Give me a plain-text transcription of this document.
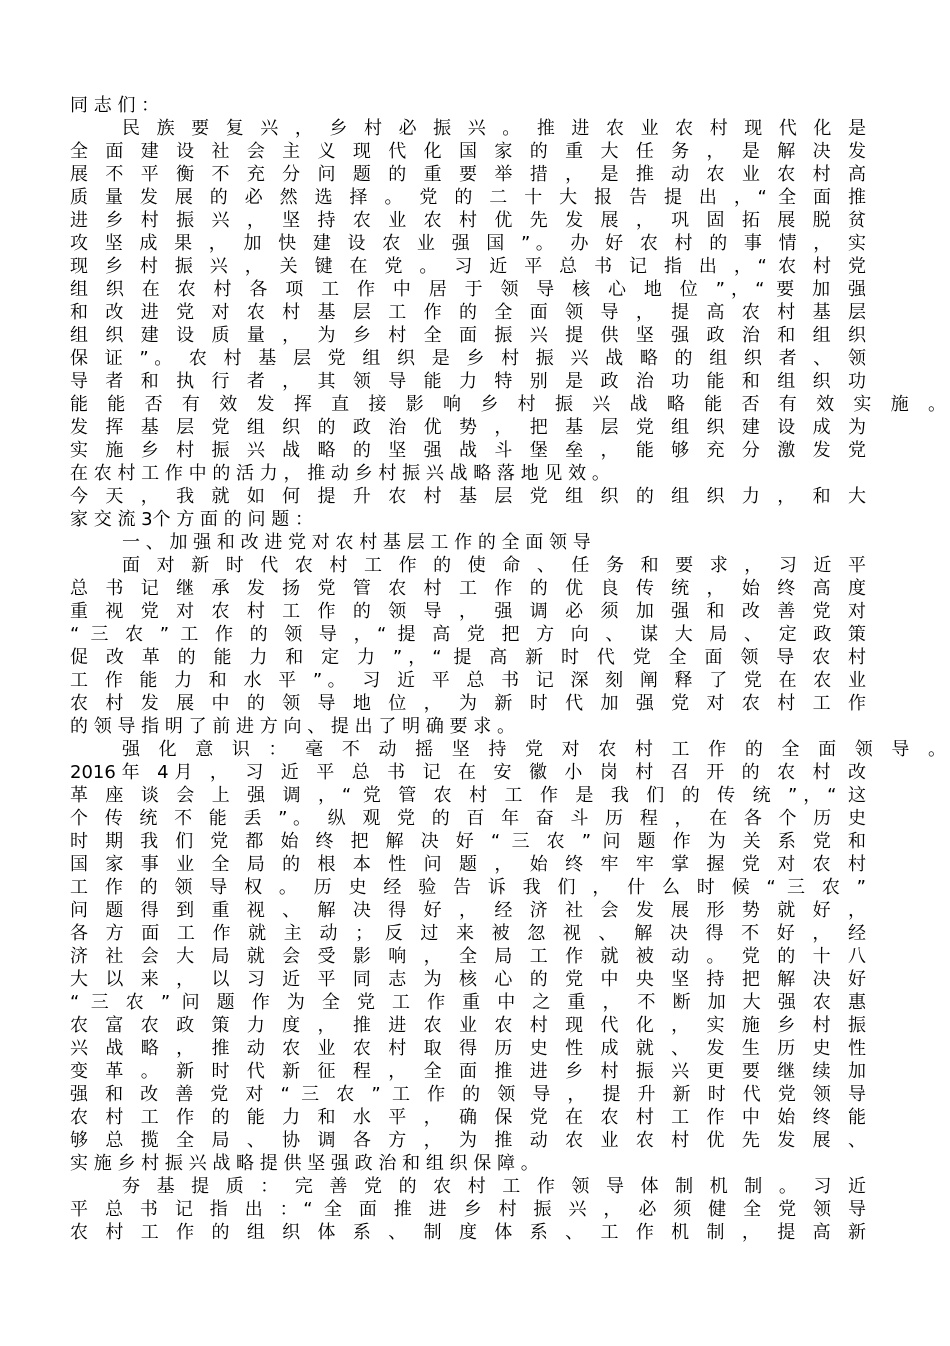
同 志 们 ：
民 族 要 复 兴 ， 乡 村 必 振 兴 。 推 进 农 业 农 村 现 代 化 是
全 面 建 设 社 会 主 义 现 代 化 国 家 的 重 大 任 务 ， 是 解 决 发
展 不 平 衡 不 充 分 问 题 的 重 要 举 措 ， 是 推 动 农 业 农 村 高
质 量 发 展 的 必 然 选 择 。 党 的 二 十 大 报 告 提 出 ，“ 全 面 推
进 乡 村 振 兴 ， 坚 持 农 业 农 村 优 先 发 展 ， 巩 固 拓 展 脱 贫
攻 坚 成 果 ， 加 快 建 设 农 业 强 国 ”。 办 好 农 村 的 事 情 ， 实
现 乡 村 振 兴 ， 关 键 在 党 。 习 近 平 总 书 记 指 出 ，“ 农 村 党
组 织 在 农 村 各 项 工 作 中 居 于 领 导 核 心 地 位 ”，“ 要 加 强
和 改 进 党 对 农 村 基 层 工 作 的 全 面 领 导 ， 提 高 农 村 基 层
组 织 建 设 质 量 ， 为 乡 村 全 面 振 兴 提 供 坚 强 政 治 和 组 织
保 证 ”。 农 村 基 层 党 组 织 是 乡 村 振 兴 战 略 的 组 织 者 、 领
导 者 和 执 行 者 ， 其 领 导 能 力 特 别 是 政 治 功 能 和 组 织 功
能 能 否 有 效 发 挥 直 接 影 响 乡 村 振 兴 战 略 能 否 有 效 实 施 。
发 挥 基 层 党 组 织 的 政 治 优 势 ， 把 基 层 党 组 织 建 设 成 为
实 施 乡 村 振 兴 战 略 的 坚 强 战 斗 堡 垒 ， 能 够 充 分 激 发 党
在 农 村 工 作 中 的 活 力 ， 推 动 乡 村 振 兴 战 略 落 地 见 效 。
今 天 ， 我 就 如 何 提 升 农 村 基 层 党 组 织 的 组 织 力 ， 和 大
家 交 流 3个 方 面 的 问 题 ：
一 、 加 强 和 改 进 党 对 农 村 基 层 工 作 的 全 面 领 导
面 对 新 时 代 农 村 工 作 的 使 命 、 任 务 和 要 求 ， 习 近 平
总 书 记 继 承 发 扬 党 管 农 村 工 作 的 优 良 传 统 ， 始 终 高 度
重 视 党 对 农 村 工 作 的 领 导 ， 强 调 必 须 加 强 和 改 善 党 对
“ 三 农 ” 工 作 的 领 导 ，“ 提 高 党 把 方 向 、 谋 大 局 、 定 政 策
促 改 革 的 能 力 和 定 力 ”，“ 提 高 新 时 代 党 全 面 领 导 农 村
工 作 能 力 和 水 平 ”。 习 近 平 总 书 记 深 刻 阐 释 了 党 在 农 业
农 村 发 展 中 的 领 导 地 位 ， 为 新 时 代 加 强 党 对 农 村 工 作
的 领 导 指 明 了 前 进 方 向 、 提 出 了 明 确 要 求 。
强 化 意 识 ： 毫 不 动 摇 坚 持 党 对 农 村 工 作 的 全 面 领 导 。
2016年 4月 ， 习 近 平 总 书 记 在 安 徽 小 岗 村 召 开 的 农 村 改
革 座 谈 会 上 强 调 ，“ 党 管 农 村 工 作 是 我 们 的 传 统 ”，“ 这
个 传 统 不 能 丢 ”。 纵 观 党 的 百 年 奋 斗 历 程 ， 在 各 个 历 史
时 期 我 们 党 都 始 终 把 解 决 好 “ 三 农 ” 问 题 作 为 关 系 党 和
国 家 事 业 全 局 的 根 本 性 问 题 ， 始 终 牢 牢 掌 握 党 对 农 村
工 作 的 领 导 权 。 历 史 经 验 告 诉 我 们 ， 什 么 时 候 “ 三 农 ”
问 题 得 到 重 视 、 解 决 得 好 ， 经 济 社 会 发 展 形 势 就 好 ，
各 方 面 工 作 就 主 动 ； 反 过 来 被 忽 视 、 解 决 得 不 好 ， 经
济 社 会 大 局 就 会 受 影 响 ， 全 局 工 作 就 被 动 。 党 的 十 八
大 以 来 ， 以 习 近 平 同 志 为 核 心 的 党 中 央 坚 持 把 解 决 好
“ 三 农 ” 问 题 作 为 全 党 工 作 重 中 之 重 ， 不 断 加 大 强 农 惠
农 富 农 政 策 力 度 ， 推 进 农 业 农 村 现 代 化 ， 实 施 乡 村 振
兴 战 略 ， 推 动 农 业 农 村 取 得 历 史 性 成 就 、 发 生 历 史 性
变 革 。 新 时 代 新 征 程 ， 全 面 推 进 乡 村 振 兴 更 要 继 续 加
强 和 改 善 党 对 “ 三 农 ” 工 作 的 领 导 ， 提 升 新 时 代 党 领 导
农 村 工 作 的 能 力 和 水 平 ， 确 保 党 在 农 村 工 作 中 始 终 能
够 总 揽 全 局 、 协 调 各 方 ， 为 推 动 农 业 农 村 优 先 发 展 、
实 施 乡 村 振 兴 战 略 提 供 坚 强 政 治 和 组 织 保 障 。
夯 基 提 质 ： 完 善 党 的 农 村 工 作 领 导 体 制 机 制 。 习 近
平 总 书 记 指 出 ：“ 全 面 推 进 乡 村 振 兴 ， 必 须 健 全 党 领 导
农 村 工 作 的 组 织 体 系 、 制 度 体 系 、 工 作 机 制 ， 提 高 新
